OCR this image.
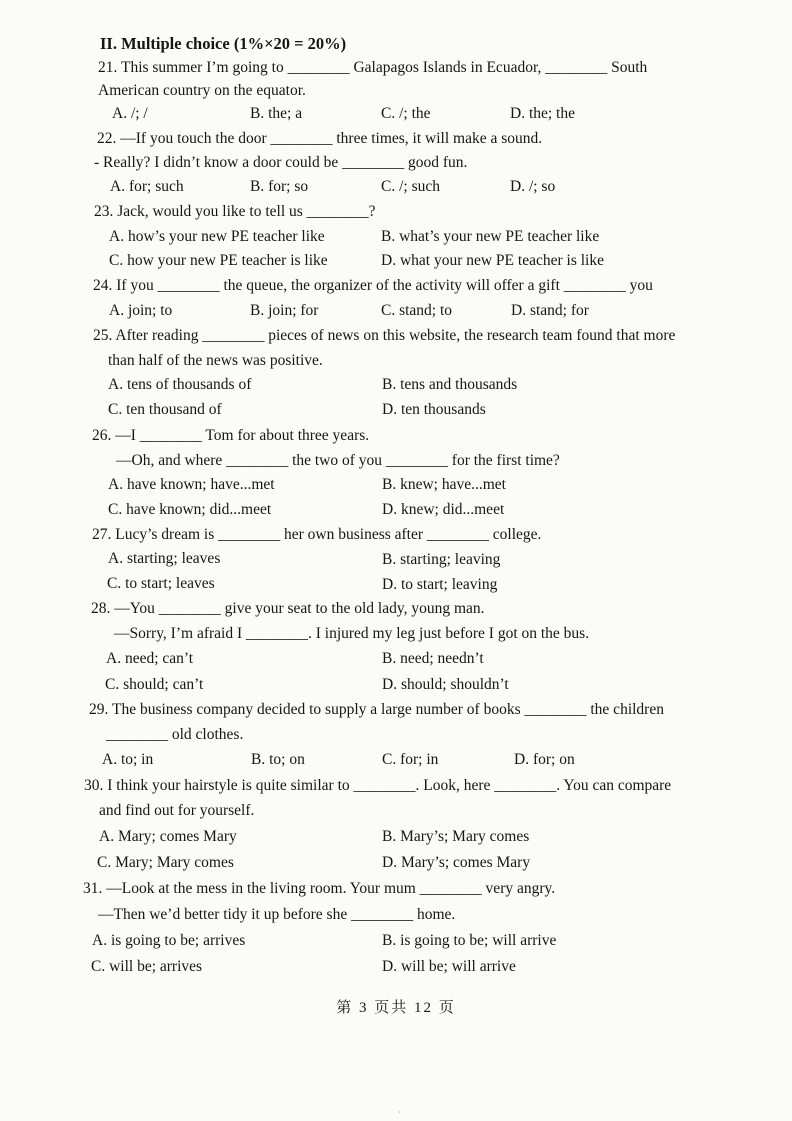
II. Multiple choice (1%×20 = 20%)
21. This summer I’m going to ________ Galapagos Islands in Ecuador, ________ South
American country on the equator.
A. /; /	B. the; a	C. /; the	D. the; the
22. —If you touch the door ________ three times, it will make a sound.
- Really? I didn’t know a door could be ________ good fun.
A. for; such	B. for; so	C. /; such	D. /; so
23. Jack, would you like to tell us ________?
A. how’s your new PE teacher like	B. what’s your new PE teacher like
C. how your new PE teacher is like	D. what your new PE teacher is like
24. If you ________ the queue, the organizer of the activity will offer a gift ________ you
A. join; to	B. join; for	C. stand; to	D. stand; for
25. After reading ________ pieces of news on this website, the research team found that more
than half of the news was positive.
A. tens of thousands of	B. tens and thousands
C. ten thousand of	D. ten thousands
26. —I ________ Tom for about three years.
—Oh, and where ________ the two of you ________ for the first time?
A. have known; have...met	B. knew; have...met
C. have known; did...meet	D. knew; did...meet
27. Lucy’s dream is ________ her own business after ________ college.
A. starting; leaves	B. starting; leaving
C. to start; leaves	D. to start; leaving
28. —You ________ give your seat to the old lady, young man.
—Sorry, I’m afraid I ________. I injured my leg just before I got on the bus.
A. need; can’t	B. need; needn’t
C. should; can’t	D. should; shouldn’t
29. The business company decided to supply a large number of books ________ the children
________ old clothes.
A. to; in	B. to; on	C. for; in	D. for; on
30. I think your hairstyle is quite similar to ________. Look, here ________. You can compare
and find out for yourself.
A. Mary; comes Mary	B. Mary’s; Mary comes
C. Mary; Mary comes	D. Mary’s; comes Mary
31. —Look at the mess in the living room. Your mum ________ very angry.
—Then we’d better tidy it up before she ________ home.
A. is going to be; arrives	B. is going to be; will arrive
C. will be; arrives	D. will be; will arrive
第 3 页共 12 页
·
